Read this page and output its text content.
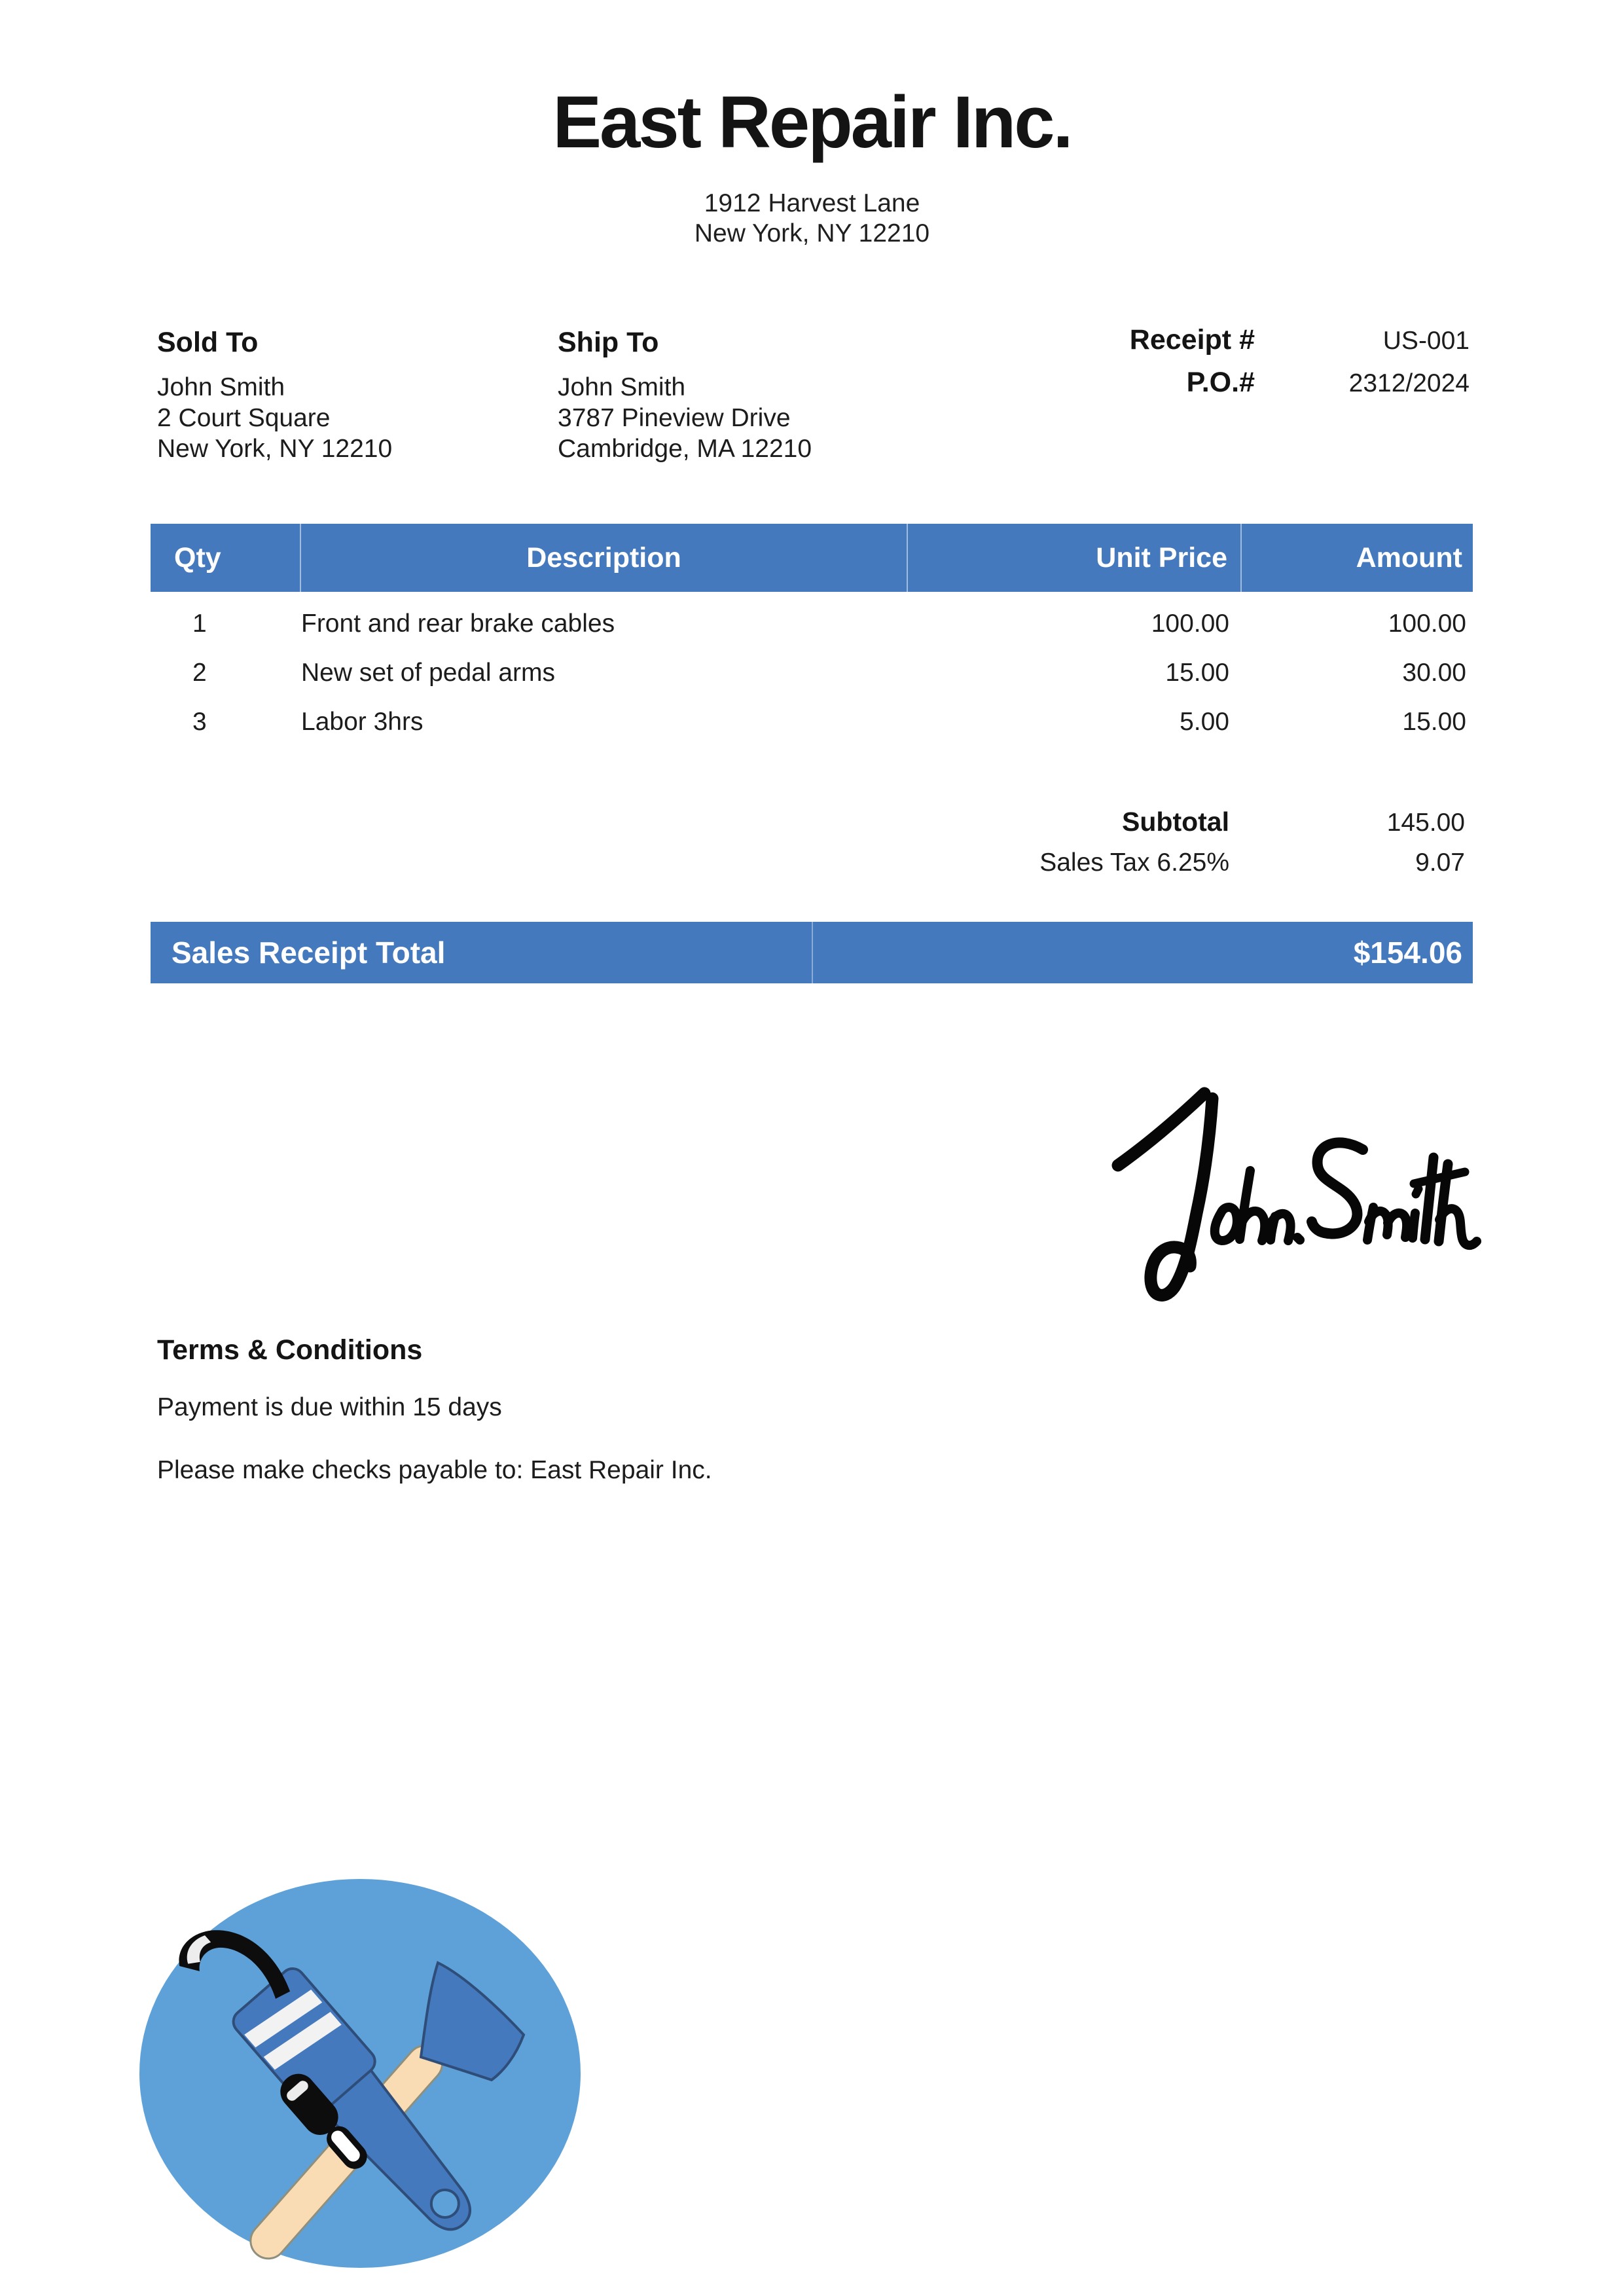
East Repair Inc.
1912 Harvest Lane
New York, NY 12210
Sold To
John Smith
2 Court Square
New York, NY 12210
Ship To
John Smith
3787 Pineview Drive
Cambridge, MA 12210
Receipt #	US-001
P.O.#	2312/2024
Qty	Description	Unit Price	Amount
1	Front and rear brake cables	100.00	100.00
2	New set of pedal arms	15.00	30.00
3	Labor 3hrs	5.00	15.00
Subtotal	145.00
Sales Tax 6.25%	9.07
Sales Receipt Total	$154.06
Terms & Conditions
Payment is due within 15 days
Please make checks payable to: East Repair Inc.
